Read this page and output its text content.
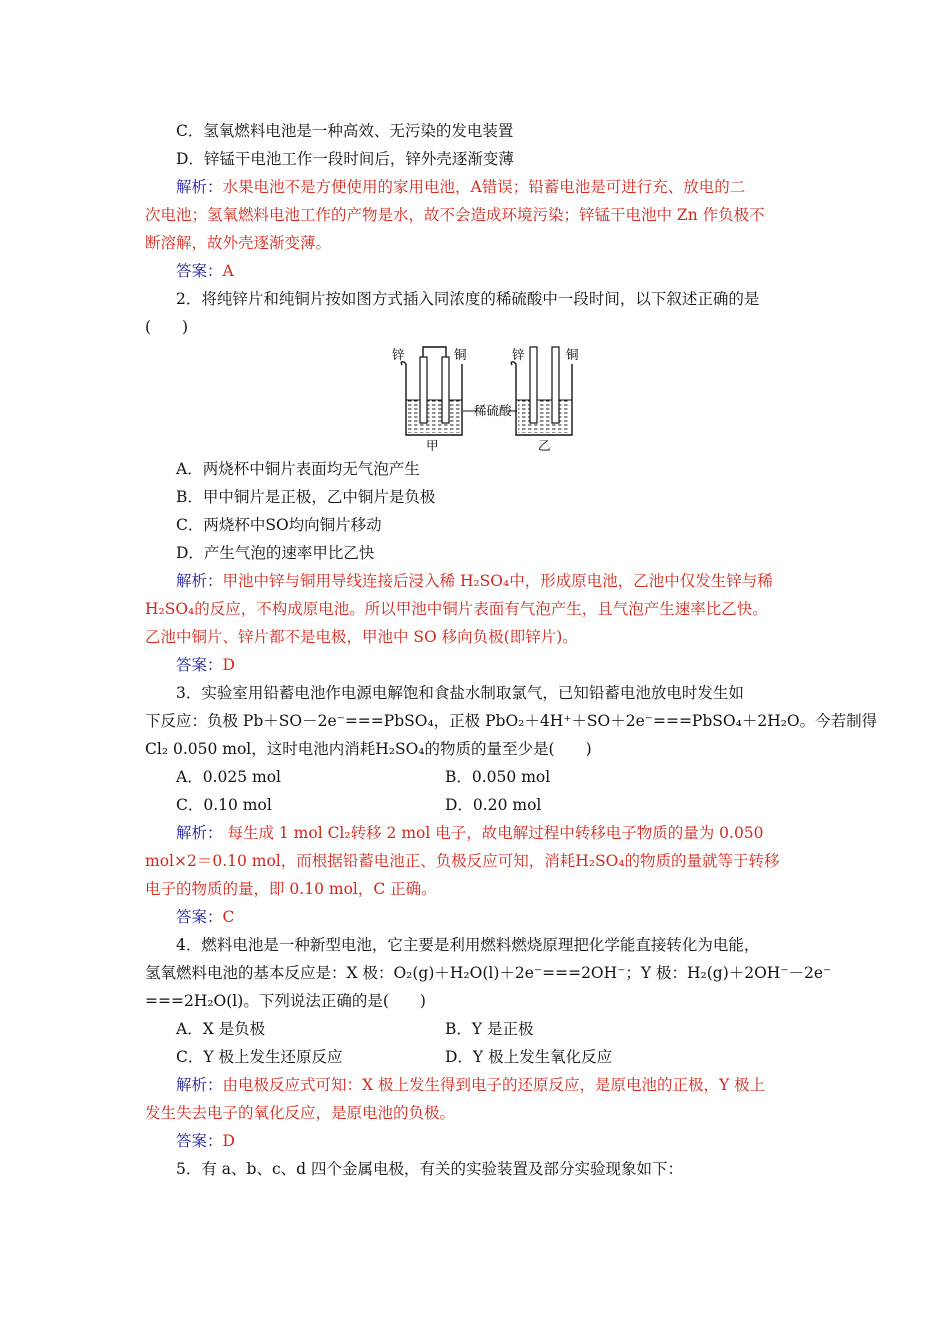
C．氢氧燃料电池是一种高效、无污染的发电装置
D．锌锰干电池工作一段时间后，锌外壳逐渐变薄
解析：水果电池不是方便使用的家用电池，A错误；铅蓄电池是可进行充、放电的二
次电池；氢氧燃料电池工作的产物是水，故不会造成环境污染；锌锰干电池中 Zn 作负极不
断溶解，故外壳逐渐变薄。
答案：A
2．将纯锌片和纯铜片按如图方式插入同浓度的稀硫酸中一段时间，以下叙述正确的是
(　　)
锌	铜	锌	铜
稀硫酸
甲	乙
A．两烧杯中铜片表面均无气泡产生
B．甲中铜片是正极，乙中铜片是负极
C．两烧杯中SO均向铜片移动
D．产生气泡的速率甲比乙快
解析：甲池中锌与铜用导线连接后浸入稀 H₂SO₄中，形成原电池，乙池中仅发生锌与稀
H₂SO₄的反应，不构成原电池。所以甲池中铜片表面有气泡产生，且气泡产生速率比乙快。
乙池中铜片、锌片都不是电极，甲池中 SO 移向负极(即锌片)。
答案：D
3．实验室用铅蓄电池作电源电解饱和食盐水制取氯气，已知铅蓄电池放电时发生如
下反应：负极 Pb＋SO－2e⁻===PbSO₄，正极 PbO₂＋4H⁺＋SO＋2e⁻===PbSO₄＋2H₂O。今若制得
Cl₂ 0.050 mol，这时电池内消耗H₂SO₄的物质的量至少是(　　)
A．0.025 mol	B．0.050 mol
C．0.10 mol	D．0.20 mol
解析： 每生成 1 mol Cl₂转移 2 mol 电子，故电解过程中转移电子物质的量为 0.050
mol×2＝0.10 mol，而根据铅蓄电池正、负极反应可知，消耗H₂SO₄的物质的量就等于转移
电子的物质的量，即 0.10 mol，C 正确。
答案：C
4．燃料电池是一种新型电池，它主要是利用燃料燃烧原理把化学能直接转化为电能，
氢氧燃料电池的基本反应是：X 极：O₂(g)＋H₂O(l)＋2e⁻===2OH⁻；Y 极：H₂(g)＋2OH⁻－2e⁻
===2H₂O(l)。下列说法正确的是(　　)
A．X 是负极	B．Y 是正极
C．Y 极上发生还原反应	D．Y 极上发生氧化反应
解析：由电极反应式可知：X 极上发生得到电子的还原反应，是原电池的正极，Y 极上
发生失去电子的氧化反应，是原电池的负极。
答案：D
5．有 a、b、c、d 四个金属电极，有关的实验装置及部分实验现象如下：
